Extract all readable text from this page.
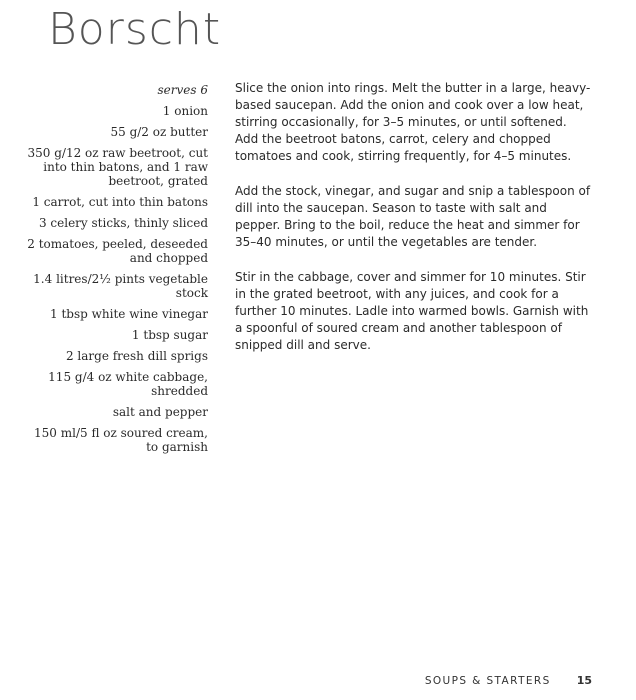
Borscht
serves 6
1 onion
55 g/2 oz butter
350 g/12 oz raw beetroot, cut into thin batons, and 1 raw beetroot, grated
1 carrot, cut into thin batons
3 celery sticks, thinly sliced
2 tomatoes, peeled, deseeded and chopped
1.4 litres/2½ pints vegetable stock
1 tbsp white wine vinegar
1 tbsp sugar
2 large fresh dill sprigs
115 g/4 oz white cabbage, shredded
salt and pepper
150 ml/5 fl oz soured cream, to garnish

Slice the onion into rings. Melt the butter in a large, heavy-based saucepan. Add the onion and cook over a low heat, stirring occasionally, for 3–5 minutes, or until softened. Add the beetroot batons, carrot, celery and chopped tomatoes and cook, stirring frequently, for 4–5 minutes.

Add the stock, vinegar, and sugar and snip a tablespoon of dill into the saucepan. Season to taste with salt and pepper. Bring to the boil, reduce the heat and simmer for 35–40 minutes, or until the vegetables are tender.

Stir in the cabbage, cover and simmer for 10 minutes. Stir in the grated beetroot, with any juices, and cook for a further 10 minutes. Ladle into warmed bowls. Garnish with a spoonful of soured cream and another tablespoon of snipped dill and serve.

SOUPS & STARTERS 15
